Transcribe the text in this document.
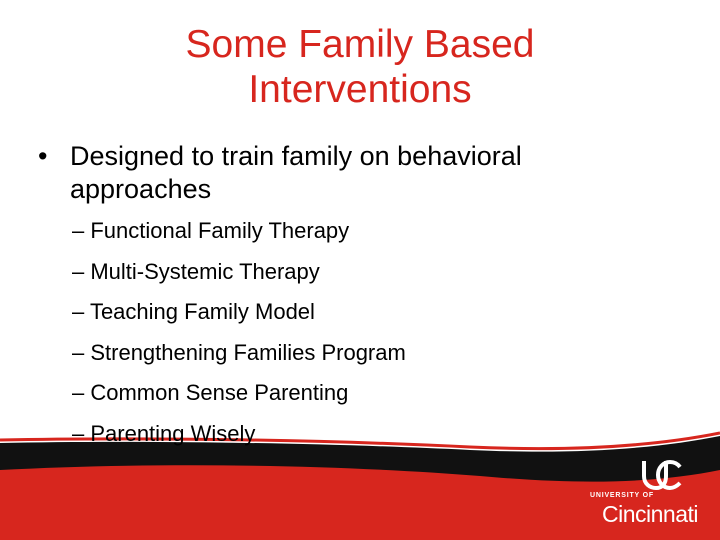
Some Family Based
Interventions
• Designed to train family on behavioral approaches
– Functional Family Therapy
– Multi-Systemic Therapy
– Teaching Family Model
– Strengthening Families Program
– Common Sense Parenting
– Parenting Wisely
UNIVERSITY OF
Cincinnati
